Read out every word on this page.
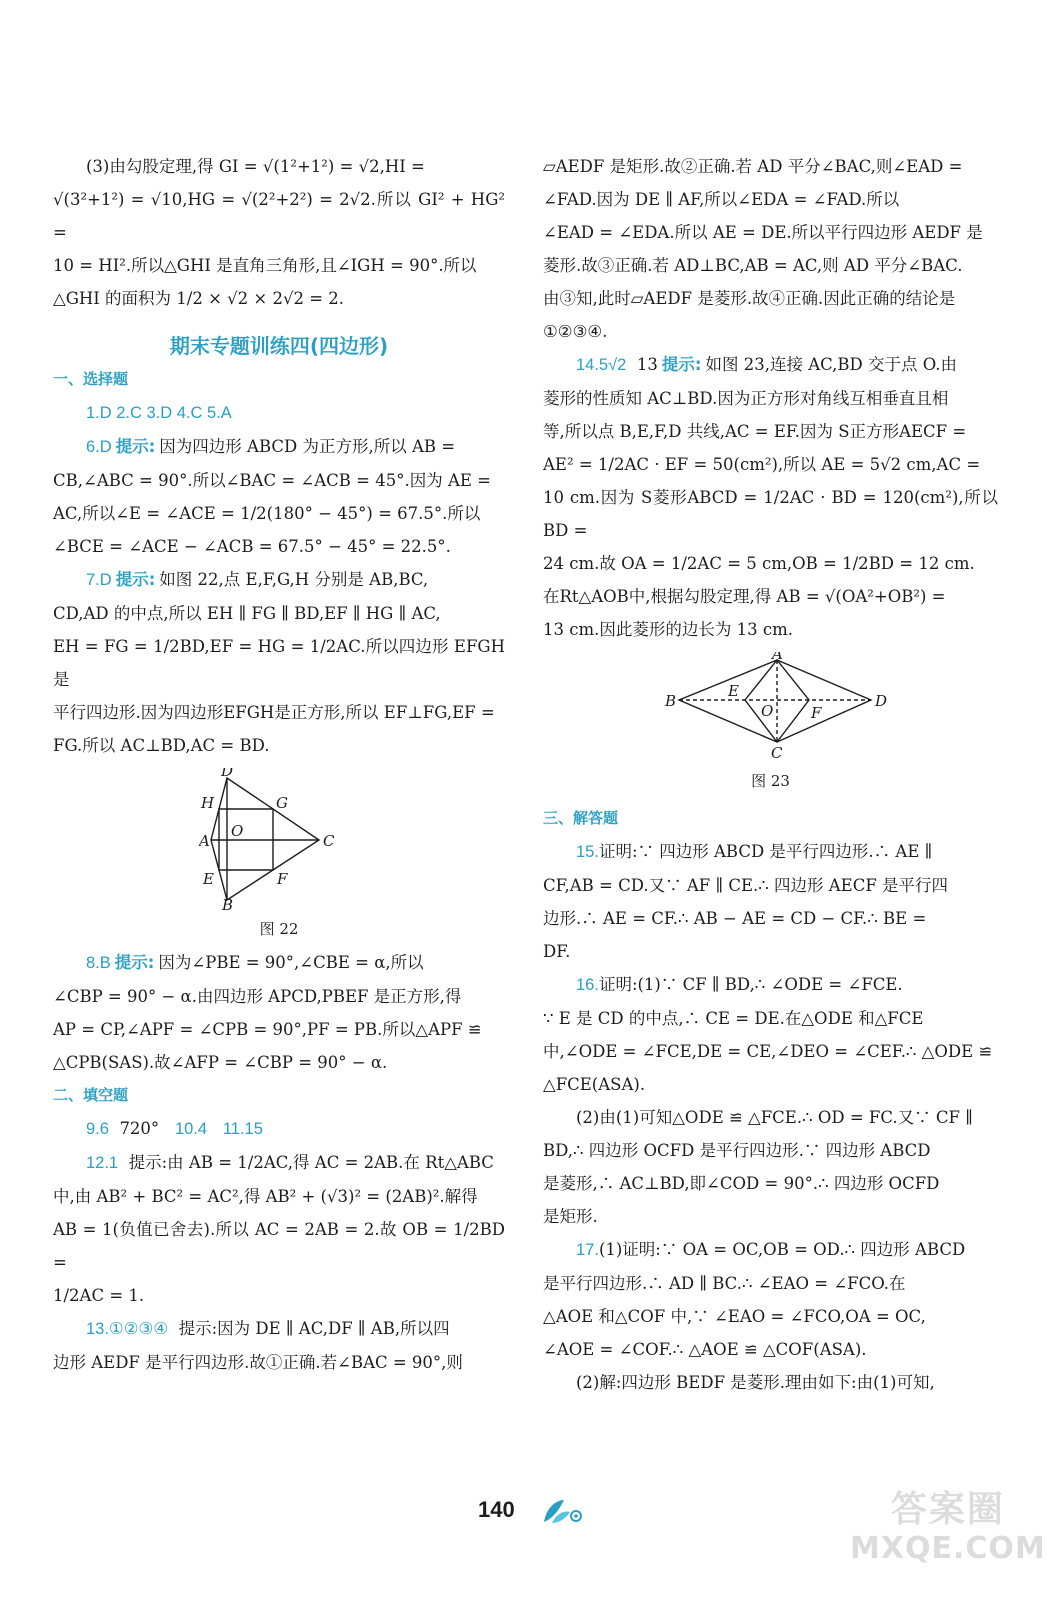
(3)由勾股定理,得 GI = √(1²+1²) = √2,HI =

√(3²+1²) = √10,HG = √(2²+2²) = 2√2.所以 GI² + HG² =

10 = HI².所以△GHI 是直角三角形,且∠IGH = 90°.所以

△GHI 的面积为 1/2 × √2 × 2√2 = 2.

期末专题训练四(四边形)

一、选择题

1.D 2.C 3.D 4.C 5.A

6.D 提示: 因为四边形 ABCD 为正方形,所以 AB =

CB,∠ABC = 90°.所以∠BAC = ∠ACB = 45°.因为 AE =

AC,所以∠E = ∠ACE = 1/2(180° − 45°) = 67.5°.所以

∠BCE = ∠ACE − ∠ACB = 67.5° − 45° = 22.5°.

7.D 提示: 如图 22,点 E,F,G,H 分别是 AB,BC,

CD,AD 的中点,所以 EH ∥ FG ∥ BD,EF ∥ HG ∥ AC,

EH = FG = 1/2BD,EF = HG = 1/2AC.所以四边形 EFGH 是

平行四边形.因为四边形EFGH是正方形,所以 EF⊥FG,EF =

FG.所以 AC⊥BD,AC = BD.

D
H	G
A
O
C
E	F
B

图 22

8.B 提示: 因为∠PBE = 90°,∠CBE = α,所以

∠CBP = 90° − α.由四边形 APCD,PBEF 是正方形,得

AP = CP,∠APF = ∠CPB = 90°,PF = PB.所以△APF ≌

△CPB(SAS).故∠AFP = ∠CBP = 90° − α.

二、填空题

9.6 720° 10.4 11.15

12.1 提示:由 AB = 1/2AC,得 AC = 2AB.在 Rt△ABC

中,由 AB² + BC² = AC²,得 AB² + (√3)² = (2AB)².解得

AB = 1(负值已舍去).所以 AC = 2AB = 2.故 OB = 1/2BD =

1/2AC = 1.

13.①②③④ 提示:因为 DE ∥ AC,DF ∥ AB,所以四

边形 AEDF 是平行四边形.故①正确.若∠BAC = 90°,则

▱AEDF 是矩形.故②正确.若 AD 平分∠BAC,则∠EAD =

∠FAD.因为 DE ∥ AF,所以∠EDA = ∠FAD.所以

∠EAD = ∠EDA.所以 AE = DE.所以平行四边形 AEDF 是

菱形.故③正确.若 AD⊥BC,AB = AC,则 AD 平分∠BAC.

由③知,此时▱AEDF 是菱形.故④正确.因此正确的结论是

①②③④.

14.5√2 13 提示: 如图 23,连接 AC,BD 交于点 O.由

菱形的性质知 AC⊥BD.因为正方形对角线互相垂直且相

等,所以点 B,E,F,D 共线,AC = EF.因为 S正方形AECF =

AE² = 1/2AC · EF = 50(cm²),所以 AE = 5√2 cm,AC =

10 cm.因为 S菱形ABCD = 1/2AC · BD = 120(cm²),所以 BD =

24 cm.故 OA = 1/2AC = 5 cm,OB = 1/2BD = 12 cm.

在Rt△AOB中,根据勾股定理,得 AB = √(OA²+OB²) =

13 cm.因此菱形的边长为 13 cm.

A
B
E
O	F
D
C

图 23

三、解答题

15.证明:∵ 四边形 ABCD 是平行四边形.∴ AE ∥

CF,AB = CD.又∵ AF ∥ CE.∴ 四边形 AECF 是平行四

边形.∴ AE = CF.∴ AB − AE = CD − CF.∴ BE =

DF.

16.证明:(1)∵ CF ∥ BD,∴ ∠ODE = ∠FCE.

∵ E 是 CD 的中点,∴ CE = DE.在△ODE 和△FCE

中,∠ODE = ∠FCE,DE = CE,∠DEO = ∠CEF.∴ △ODE ≌

△FCE(ASA).

(2)由(1)可知△ODE ≌ △FCE.∴ OD = FC.又∵ CF ∥

BD,∴ 四边形 OCFD 是平行四边形.∵ 四边形 ABCD

是菱形,∴ AC⊥BD,即∠COD = 90°.∴ 四边形 OCFD

是矩形.

17.(1)证明:∵ OA = OC,OB = OD.∴ 四边形 ABCD

是平行四边形.∴ AD ∥ BC.∴ ∠EAO = ∠FCO.在

△AOE 和△COF 中,∵ ∠EAO = ∠FCO,OA = OC,

∠AOE = ∠COF.∴ △AOE ≌ △COF(ASA).

(2)解:四边形 BEDF 是菱形.理由如下:由(1)可知,

140	答案圈
MXQE.COM
